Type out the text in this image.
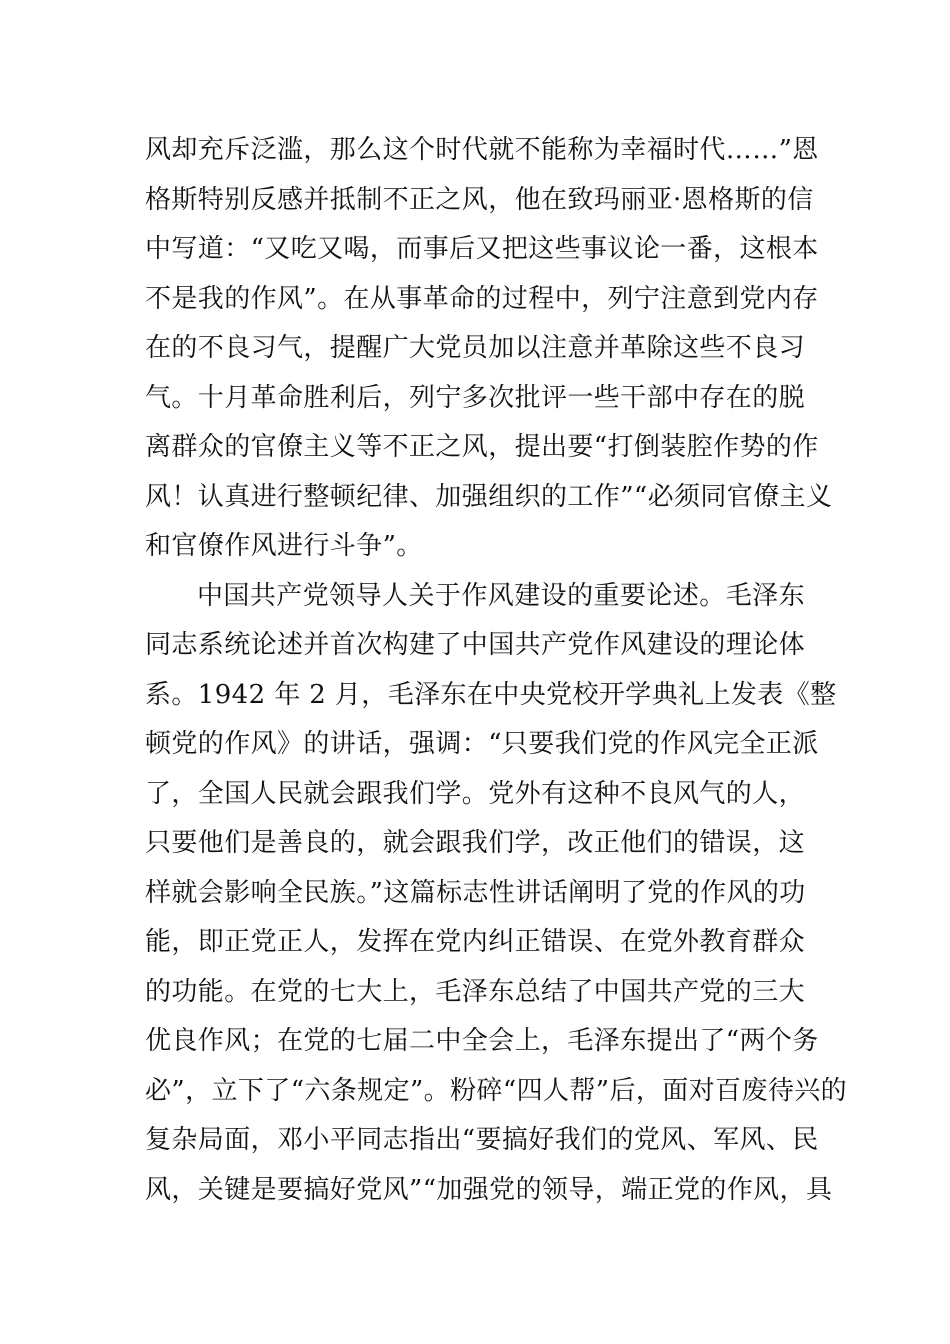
风却充斥泛滥，那么这个时代就不能称为幸福时代……”恩
格斯特别反感并抵制不正之风，他在致玛丽亚·恩格斯的信
中写道：“又吃又喝，而事后又把这些事议论一番，这根本
不是我的作风”。在从事革命的过程中，列宁注意到党内存
在的不良习气，提醒广大党员加以注意并革除这些不良习
气。十月革命胜利后，列宁多次批评一些干部中存在的脱
离群众的官僚主义等不正之风，提出要“打倒装腔作势的作
风！认真进行整顿纪律、加强组织的工作”“必须同官僚主义
和官僚作风进行斗争”。
中国共产党领导人关于作风建设的重要论述。毛泽东
同志系统论述并首次构建了中国共产党作风建设的理论体
系。1942 年 2 月，毛泽东在中央党校开学典礼上发表《整
顿党的作风》的讲话，强调：“只要我们党的作风完全正派
了，全国人民就会跟我们学。党外有这种不良风气的人，
只要他们是善良的，就会跟我们学，改正他们的错误，这
样就会影响全民族。”这篇标志性讲话阐明了党的作风的功
能，即正党正人，发挥在党内纠正错误、在党外教育群众
的功能。在党的七大上，毛泽东总结了中国共产党的三大
优良作风；在党的七届二中全会上，毛泽东提出了“两个务
必”，立下了“六条规定”。粉碎“四人帮”后，面对百废待兴的
复杂局面，邓小平同志指出“要搞好我们的党风、军风、民
风，关键是要搞好党风”“加强党的领导，端正党的作风，具
